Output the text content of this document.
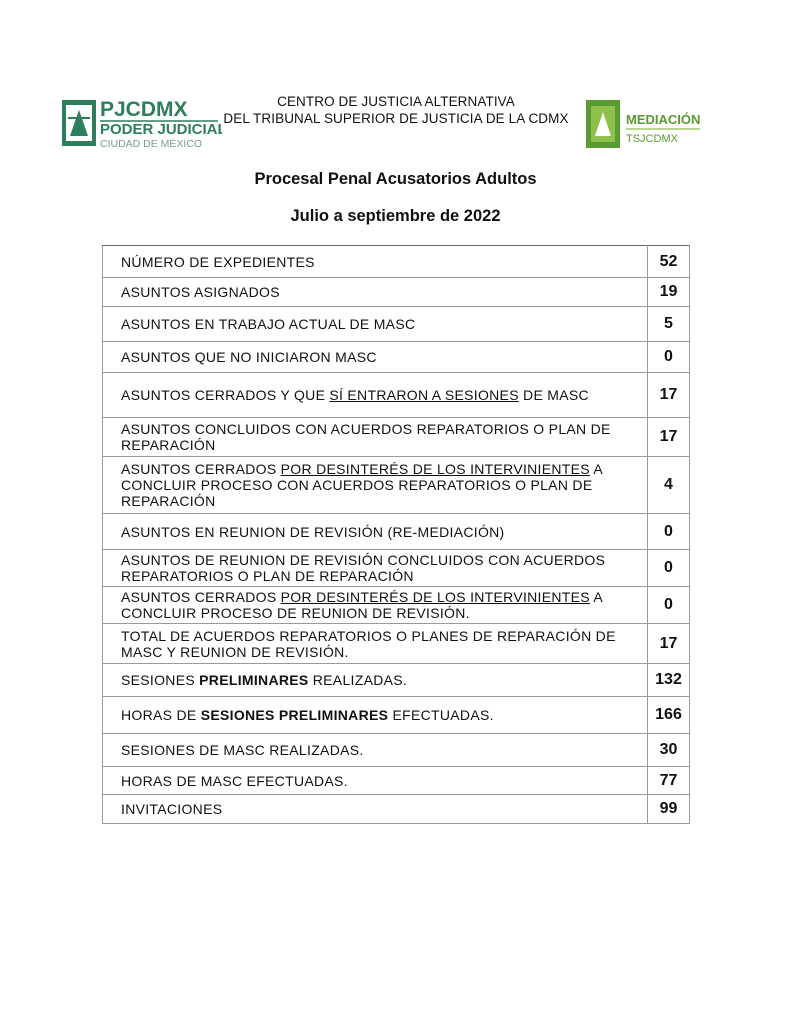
PJCDMX
PODER JUDICIAL
CIUDAD DE MÉXICO
CENTRO DE JUSTICIA ALTERNATIVA
DEL TRIBUNAL SUPERIOR DE JUSTICIA DE LA CDMX	MEDIACIÓN
TSJCDMX
Procesal Penal Acusatorios Adultos
Julio a septiembre de 2022
NÚMERO DE EXPEDIENTES	52
ASUNTOS ASIGNADOS	19
ASUNTOS EN TRABAJO ACTUAL DE MASC	5
ASUNTOS QUE NO INICIARON MASC	0
ASUNTOS CERRADOS Y QUE SÍ ENTRARON A SESIONES DE MASC	17
ASUNTOS CONCLUIDOS CON ACUERDOS REPARATORIOS O PLAN DE REPARACIÓN	17
ASUNTOS CERRADOS POR DESINTERÉS DE LOS INTERVINIENTES A CONCLUIR PROCESO CON ACUERDOS REPARATORIOS O PLAN DE REPARACIÓN	4
ASUNTOS EN REUNION DE REVISIÓN (RE-MEDIACIÓN)	0
ASUNTOS DE REUNION DE REVISIÓN CONCLUIDOS CON ACUERDOS REPARATORIOS O PLAN DE REPARACIÓN	0
ASUNTOS CERRADOS POR DESINTERÉS DE LOS INTERVINIENTES A CONCLUIR PROCESO DE REUNION DE REVISIÓN.	0
TOTAL DE ACUERDOS REPARATORIOS O PLANES DE REPARACIÓN DE MASC Y REUNION DE REVISIÓN.	17
SESIONES PRELIMINARES REALIZADAS.	132
HORAS DE SESIONES PRELIMINARES EFECTUADAS.	166
SESIONES DE MASC REALIZADAS.	30
HORAS DE MASC EFECTUADAS.	77
INVITACIONES	99
